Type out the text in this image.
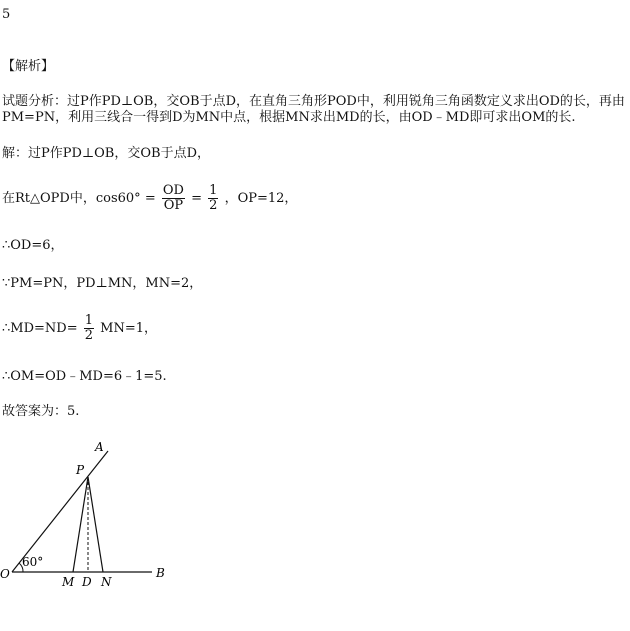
5
【解析】
试题分析：过P作PD⊥OB，交OB于点D，在直角三角形POD中，利用锐角三角函数定义求出OD的长，再由
PM=PN，利用三线合一得到D为MN中点，根据MN求出MD的长，由OD﹣MD即可求出OM的长.
解：过P作PD⊥OB，交OB于点D，
在Rt△OPD中，$\cos 60^\circ = \frac{OD}{OP} = \frac{1}{2}$ ，OP=12，
∴OD=6，
∵PM=PN，PD⊥MN，MN=2，
∴MD=ND= $\frac{1}{2} MN=1$，
∴OM=OD﹣MD=6﹣1=5.
故答案为：5.
60°
A
P
O
M D N
B
